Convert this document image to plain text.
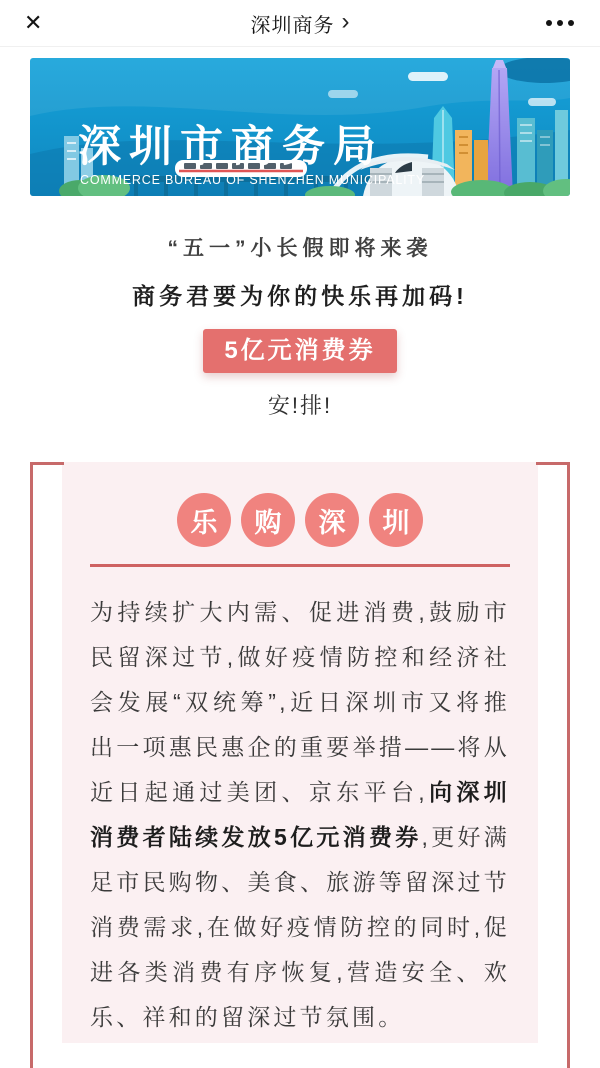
✕	深圳商务 ›
深圳市商务局
COMMERCE BUREAU OF SHENZHEN MUNICIPALITY

“五一”小长假即将来袭

商务君要为你的快乐再加码!

5亿元消费券

安!排!

乐	购	深	圳

为持续扩大内需、促进消费,鼓励市民留深过节,做好疫情防控和经济社会发展“双统筹”,近日深圳市又将推出一项惠民惠企的重要举措——将从近日起通过美团、京东平台,向深圳消费者陆续发放5亿元消费券,更好满足市民购物、美食、旅游等留深过节消费需求,在做好疫情防控的同时,促进各类消费有序恢复,营造安全、欢乐、祥和的留深过节氛围。
